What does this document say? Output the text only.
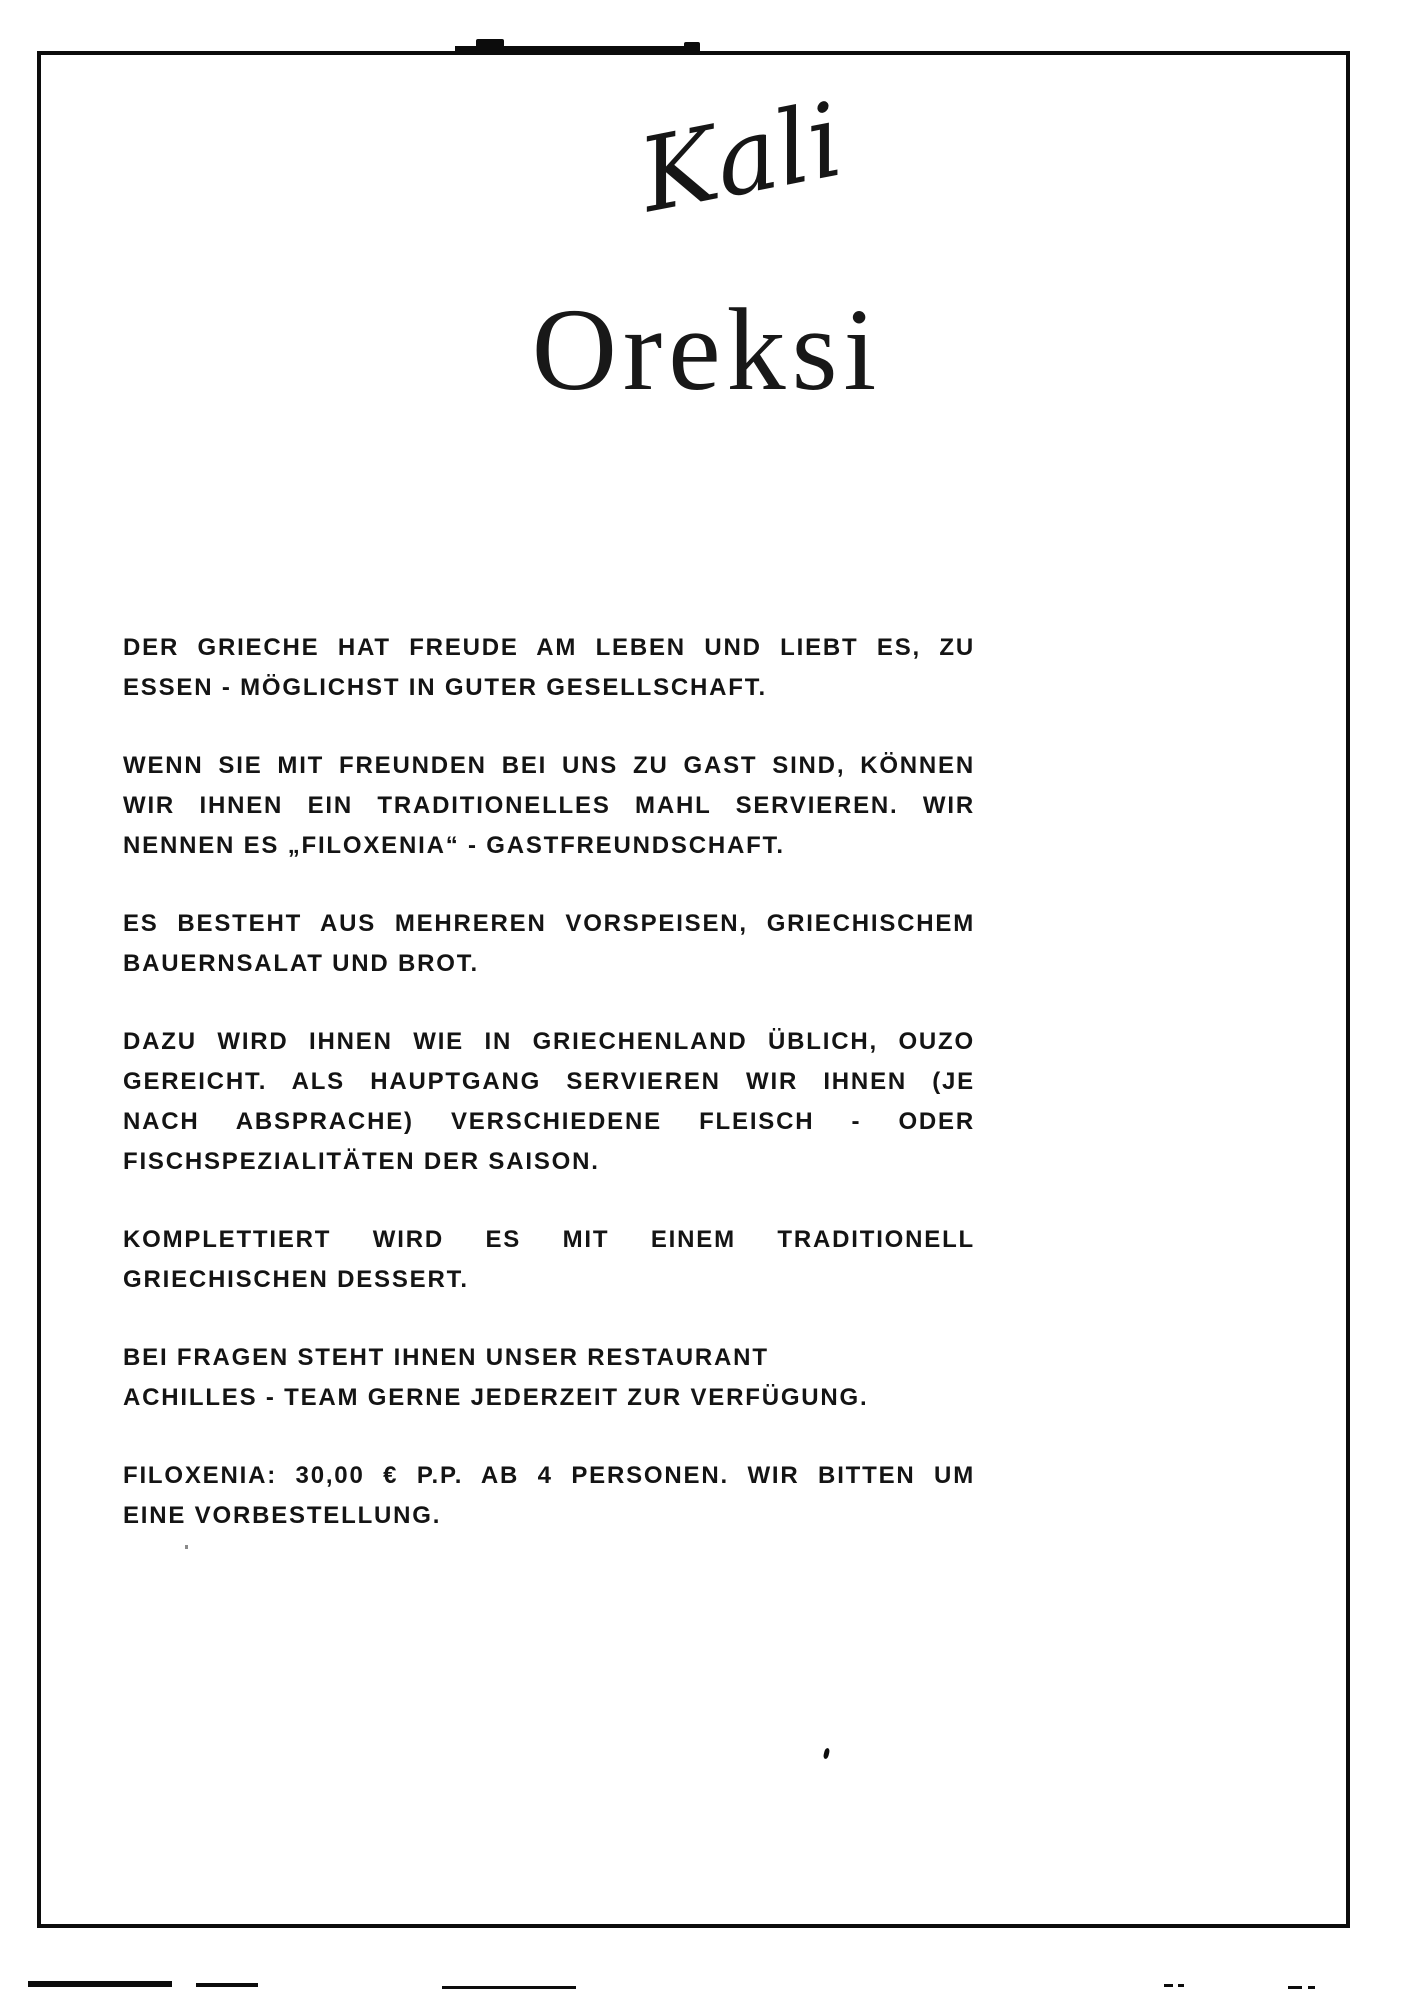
Kali
Oreksi
DER GRIECHE HAT FREUDE AM LEBEN UND LIEBT ES, ZU
ESSEN - MÖGLICHST IN GUTER GESELLSCHAFT.
WENN SIE MIT FREUNDEN BEI UNS ZU GAST SIND, KÖNNEN
WIR IHNEN EIN TRADITIONELLES MAHL SERVIEREN. WIR
NENNEN ES „FILOXENIA“ - GASTFREUNDSCHAFT.
ES BESTEHT AUS MEHREREN VORSPEISEN, GRIECHISCHEM
BAUERNSALAT UND BROT.
DAZU WIRD IHNEN WIE IN GRIECHENLAND ÜBLICH, OUZO
GEREICHT. ALS HAUPTGANG SERVIEREN WIR IHNEN (JE
NACH ABSPRACHE) VERSCHIEDENE FLEISCH - ODER
FISCHSPEZIALITÄTEN DER SAISON.
KOMPLETTIERT WIRD ES MIT EINEM TRADITIONELL
GRIECHISCHEN DESSERT.
BEI FRAGEN STEHT IHNEN UNSER RESTAURANT
ACHILLES - TEAM GERNE JEDERZEIT ZUR VERFÜGUNG.
FILOXENIA: 30,00 € P.P. AB 4 PERSONEN. WIR BITTEN UM
EINE VORBESTELLUNG.
